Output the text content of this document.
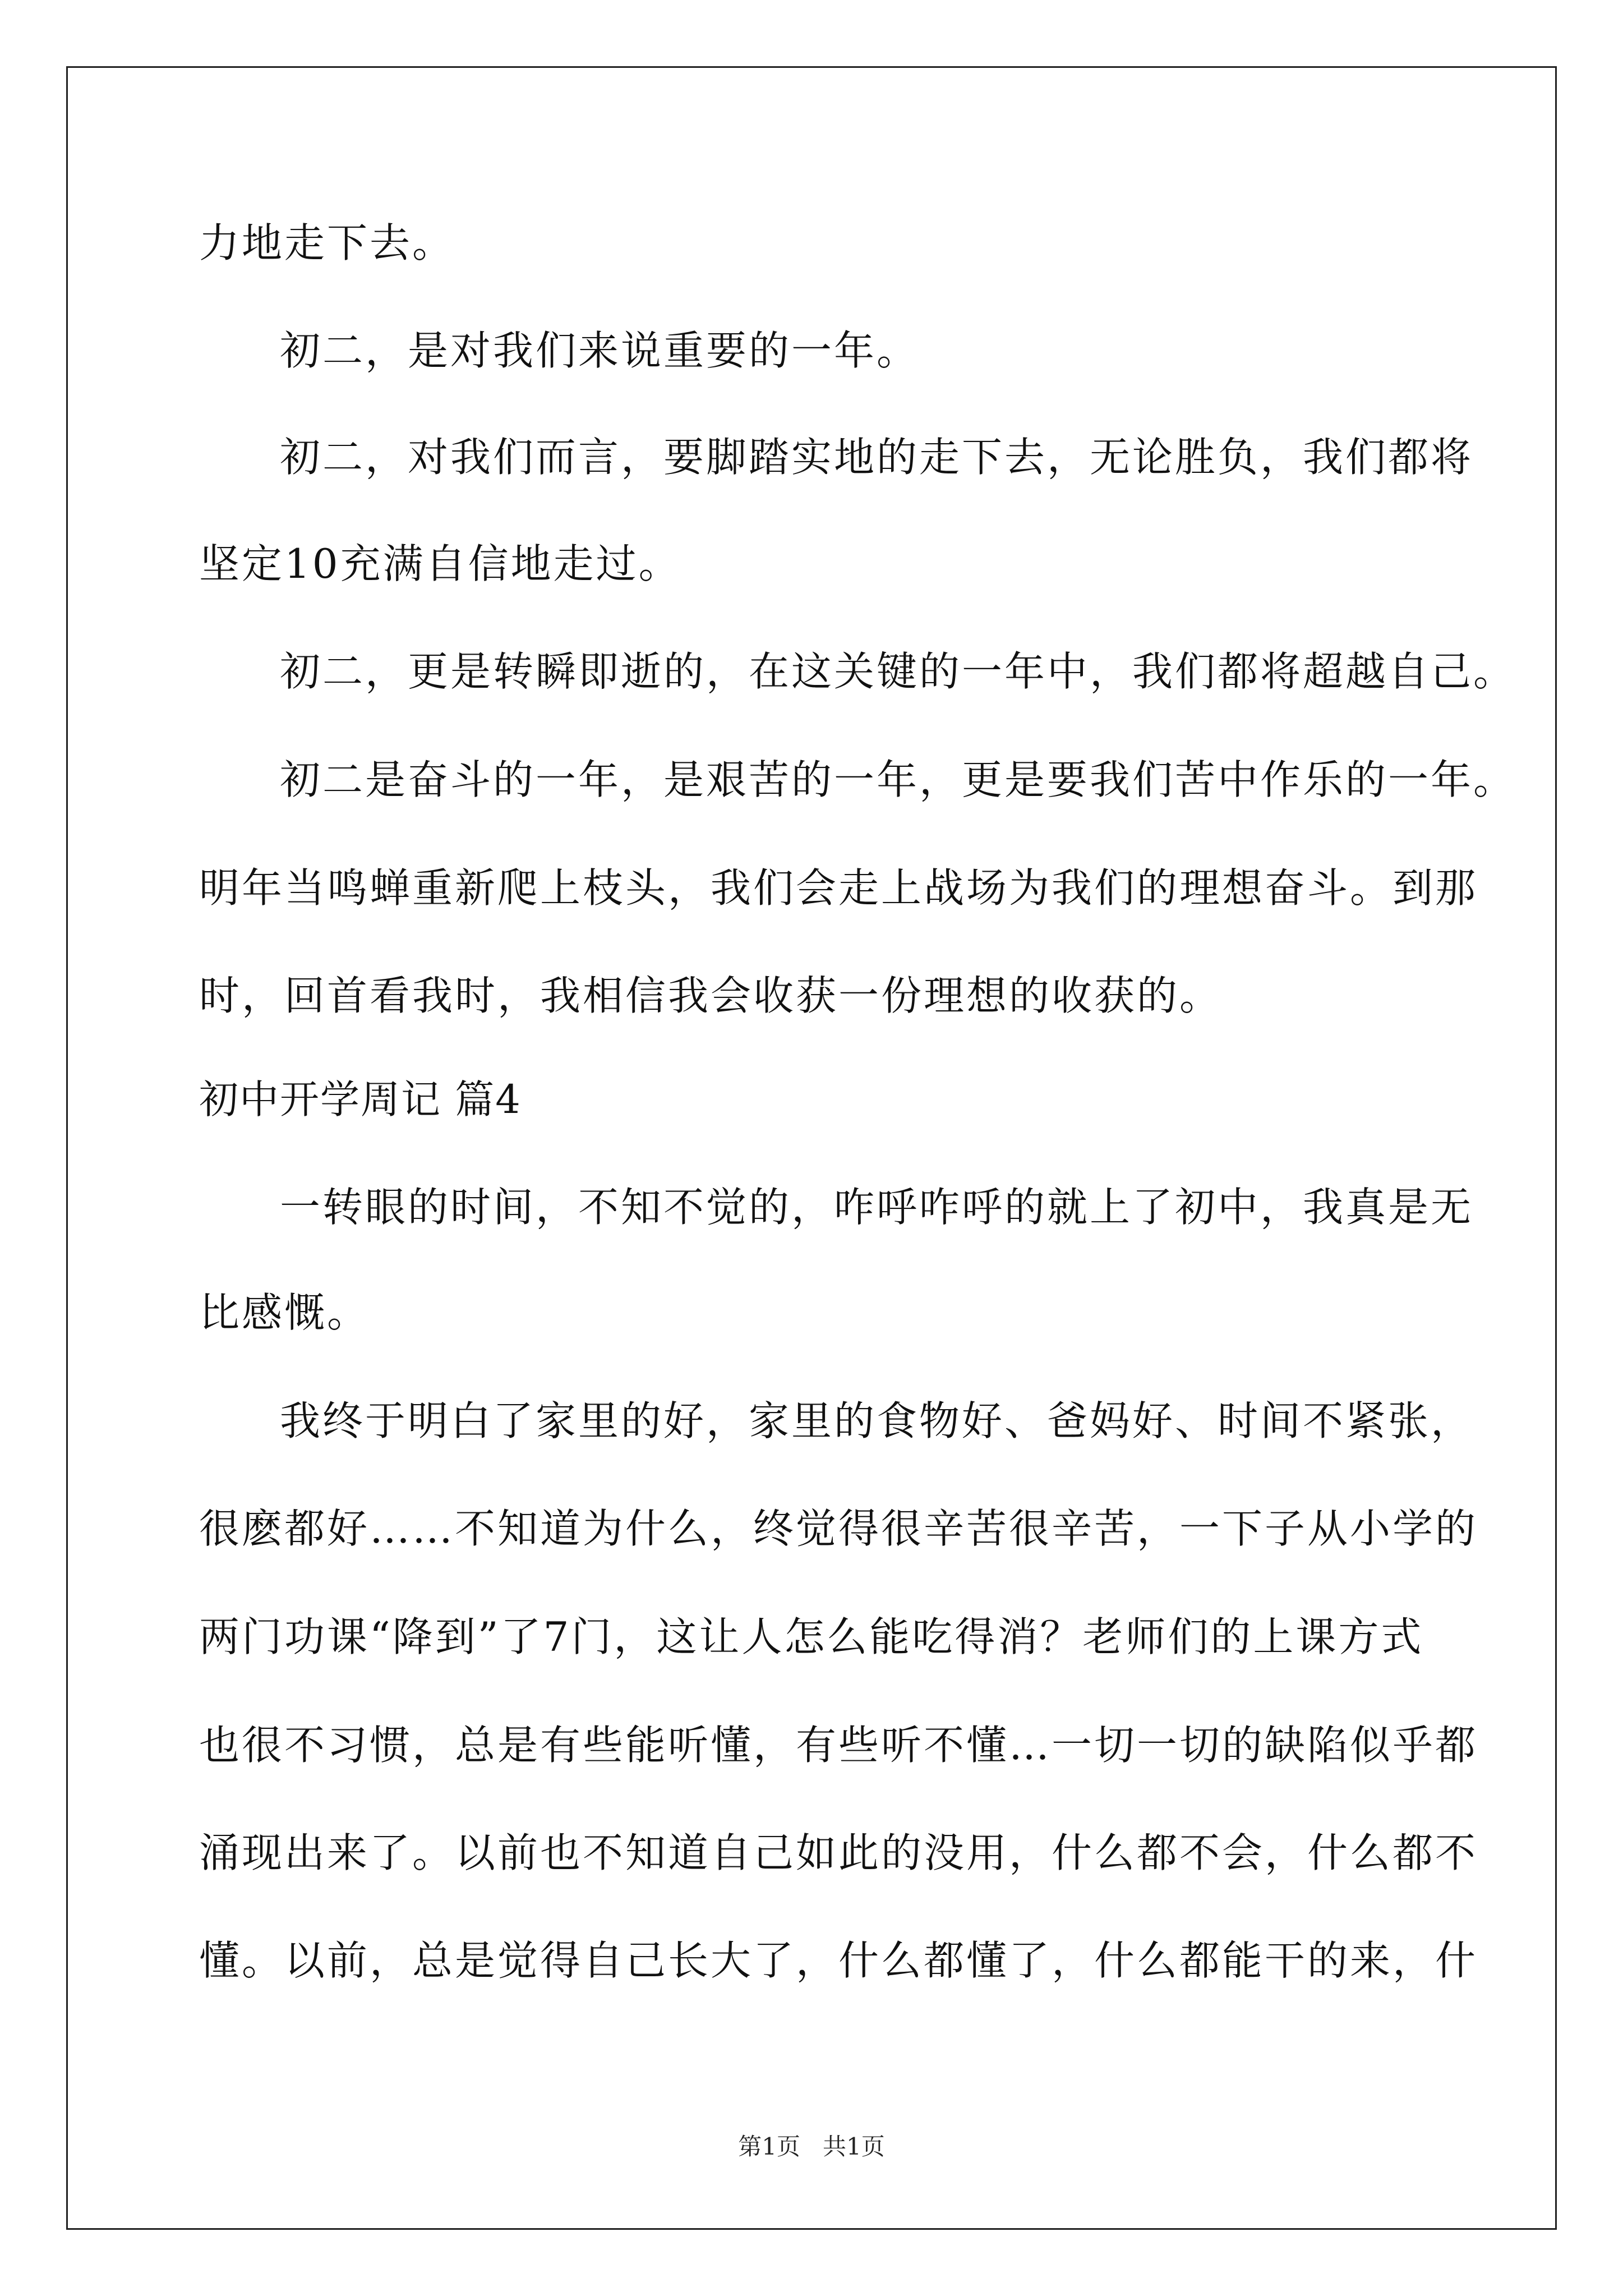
力地走下去。
初二，是对我们来说重要的一年。
初二，对我们而言，要脚踏实地的走下去，无论胜负，我们都将
坚定10充满自信地走过。
初二，更是转瞬即逝的，在这关键的一年中，我们都将超越自己。
初二是奋斗的一年，是艰苦的一年，更是要我们苦中作乐的一年。
明年当鸣蝉重新爬上枝头，我们会走上战场为我们的理想奋斗。到那
时，回首看我时，我相信我会收获一份理想的收获的。
初中开学周记 篇4
一转眼的时间，不知不觉的，咋呼咋呼的就上了初中，我真是无
比感慨。
我终于明白了家里的好，家里的食物好、爸妈好、时间不紧张，
很麽都好……不知道为什么，终觉得很辛苦很辛苦，一下子从小学的
两门功课“降到”了7门，这让人怎么能吃得消？老师们的上课方式
也很不习惯，总是有些能听懂，有些听不懂…一切一切的缺陷似乎都
涌现出来了。以前也不知道自己如此的没用，什么都不会，什么都不
懂。以前，总是觉得自己长大了，什么都懂了，什么都能干的来，什
第1页   共1页
